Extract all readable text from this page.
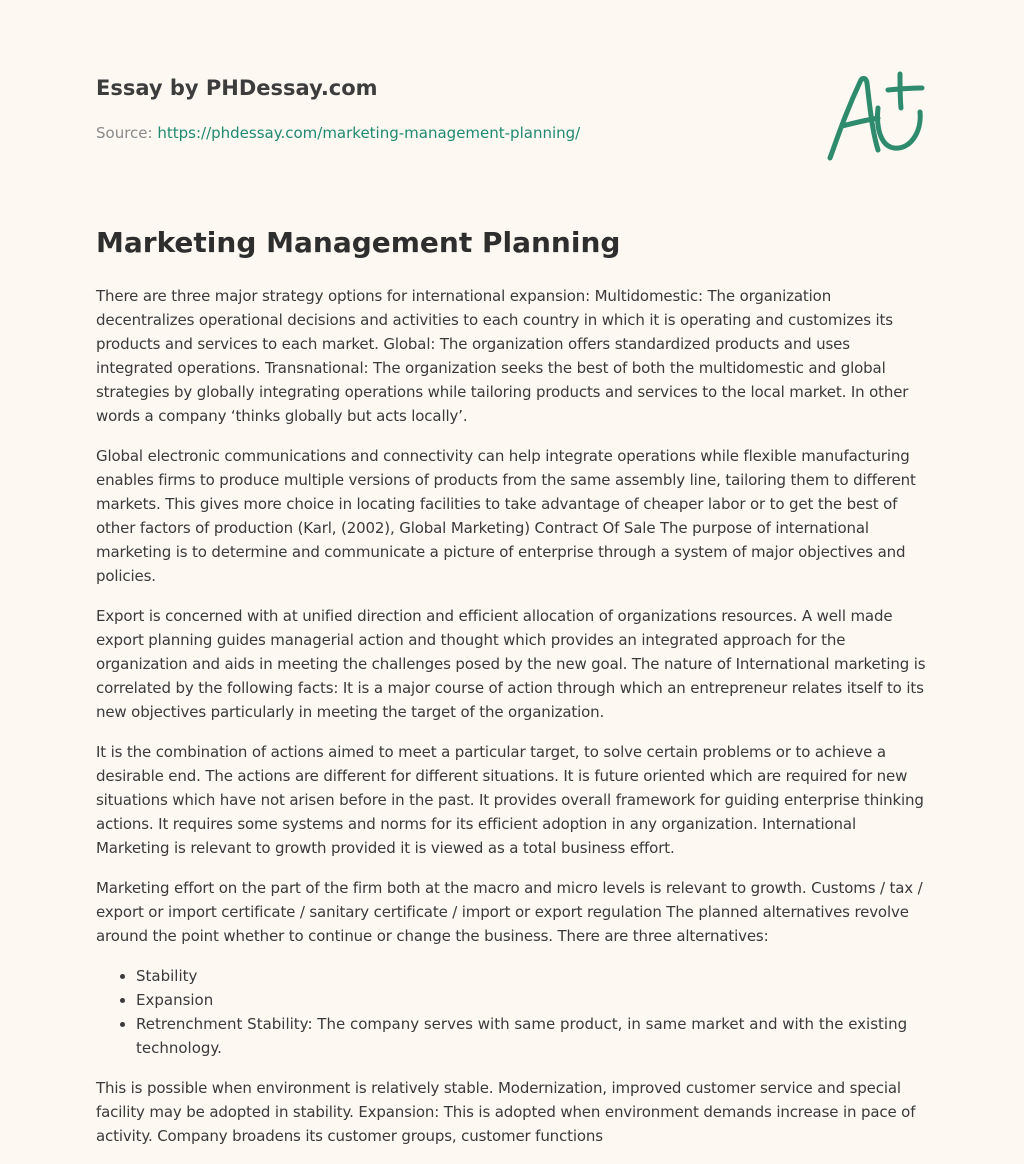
Essay by PHDessay.com

Source: https://phdessay.com/marketing-management-planning/

Marketing Management Planning

There are three major strategy options for international expansion: Multidomestic: The organization decentralizes operational decisions and activities to each country in which it is operating and customizes its products and services to each market. Global: The organization offers standardized products and uses integrated operations. Transnational: The organization seeks the best of both the multidomestic and global strategies by globally integrating operations while tailoring products and services to the local market. In other words a company ‘thinks globally but acts locally’.

Global electronic communications and connectivity can help integrate operations while flexible manufacturing enables firms to produce multiple versions of products from the same assembly line, tailoring them to different markets. This gives more choice in locating facilities to take advantage of cheaper labor or to get the best of other factors of production (Karl, (2002), Global Marketing) Contract Of Sale The purpose of international marketing is to determine and communicate a picture of enterprise through a system of major objectives and policies.

Export is concerned with at unified direction and efficient allocation of organizations resources. A well made export planning guides managerial action and thought which provides an integrated approach for the organization and aids in meeting the challenges posed by the new goal. The nature of International marketing is correlated by the following facts: It is a major course of action through which an entrepreneur relates itself to its new objectives particularly in meeting the target of the organization.

It is the combination of actions aimed to meet a particular target, to solve certain problems or to achieve a desirable end. The actions are different for different situations. It is future oriented which are required for new situations which have not arisen before in the past. It provides overall framework for guiding enterprise thinking actions. It requires some systems and norms for its efficient adoption in any organization. International Marketing is relevant to growth provided it is viewed as a total business effort.

Marketing effort on the part of the firm both at the macro and micro levels is relevant to growth. Customs / tax / export or import certificate / sanitary certificate / import or export regulation The planned alternatives revolve around the point whether to continue or change the business. There are three alternatives:

• Stability
• Expansion
• Retrenchment Stability: The company serves with same product, in same market and with the existing technology.

This is possible when environment is relatively stable. Modernization, improved customer service and special facility may be adopted in stability. Expansion: This is adopted when environment demands increase in pace of activity. Company broadens its customer groups, customer functions
